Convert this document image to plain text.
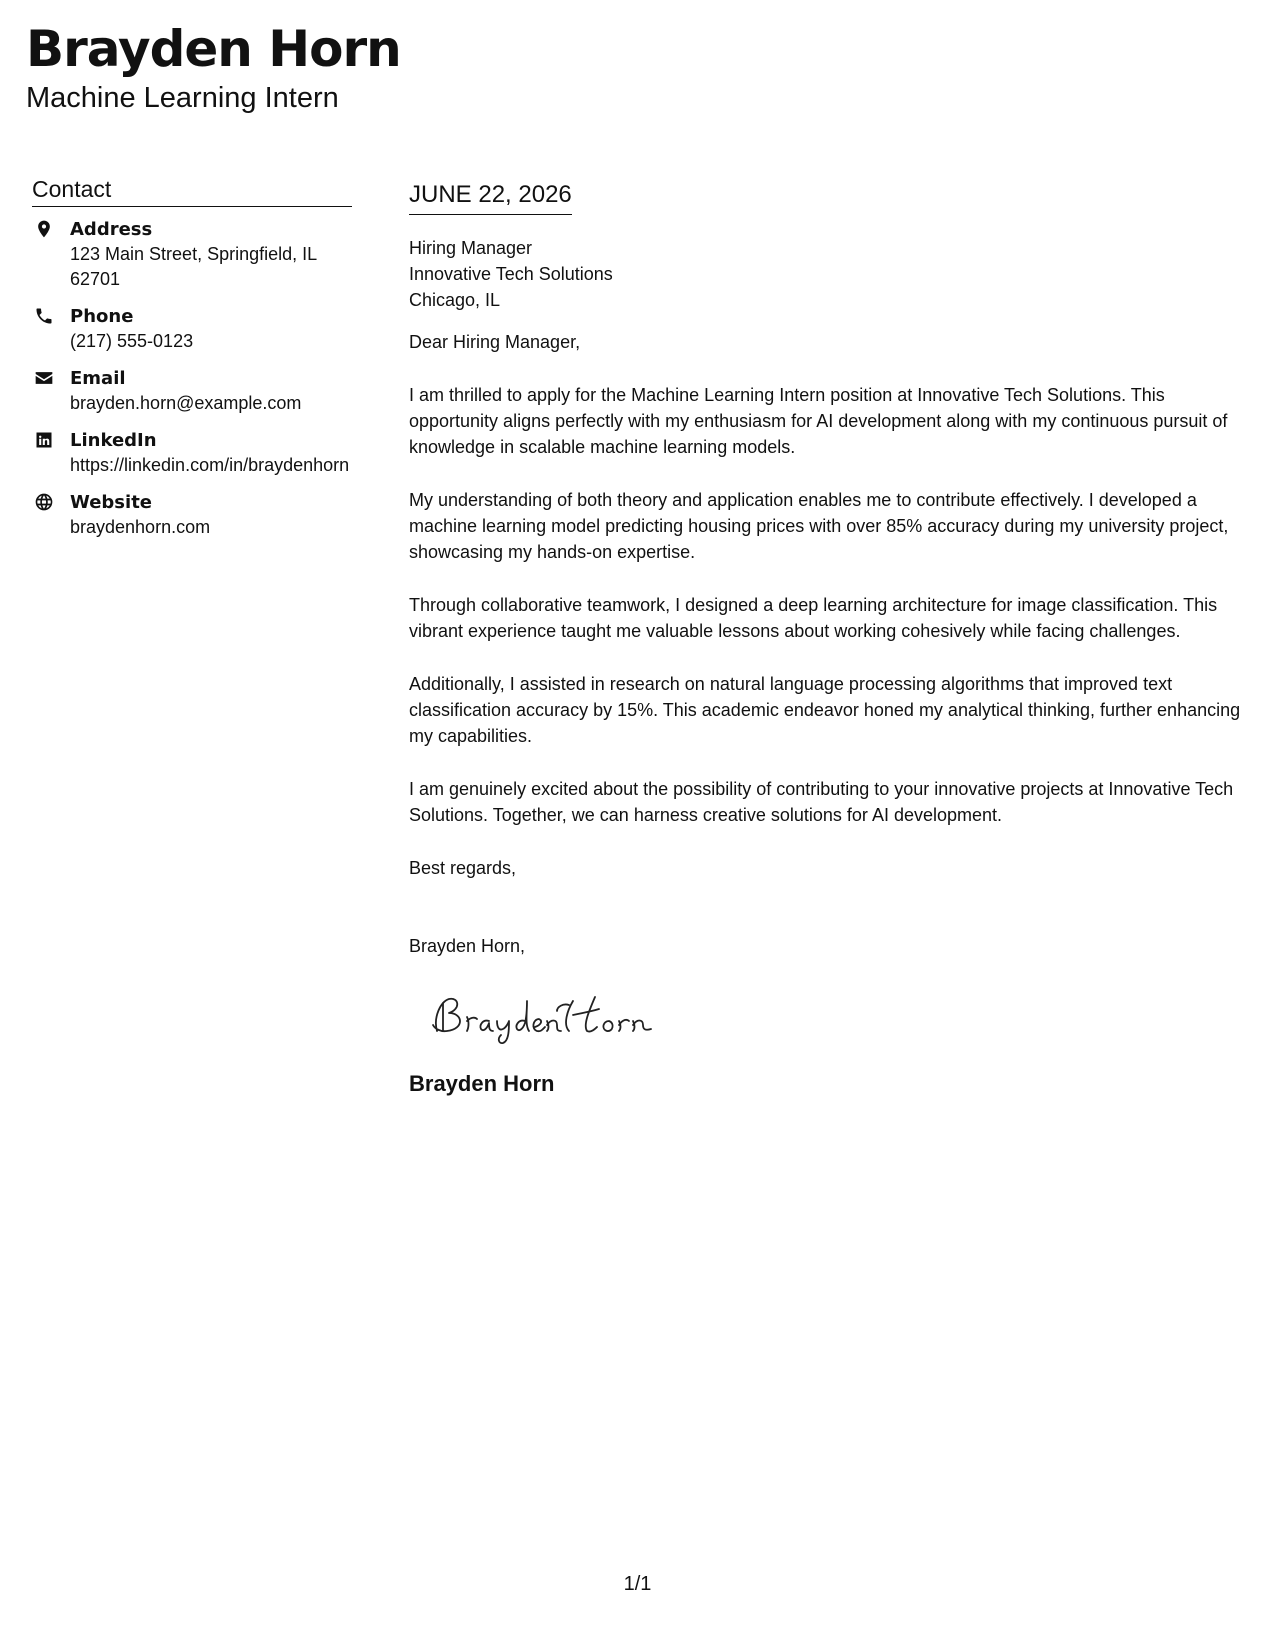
Brayden Horn
Machine Learning Intern
Contact
Address
123 Main Street, Springfield, IL 62701
Phone
(217) 555-0123
Email
brayden.horn@example.com
LinkedIn
https://linkedin.com/in/braydenhorn
Website
braydenhorn.com
JUNE 22, 2026
Hiring Manager
Innovative Tech Solutions
Chicago, IL

Dear Hiring Manager,

I am thrilled to apply for the Machine Learning Intern position at Innovative Tech Solutions. This opportunity aligns perfectly with my enthusiasm for AI development along with my continuous pursuit of knowledge in scalable machine learning models.

My understanding of both theory and application enables me to contribute effectively. I developed a machine learning model predicting housing prices with over 85% accuracy during my university project, showcasing my hands-on expertise.

Through collaborative teamwork, I designed a deep learning architecture for image classification. This vibrant experience taught me valuable lessons about working cohesively while facing challenges.

Additionally, I assisted in research on natural language processing algorithms that improved text classification accuracy by 15%. This academic endeavor honed my analytical thinking, further enhancing my capabilities.

I am genuinely excited about the possibility of contributing to your innovative projects at Innovative Tech Solutions. Together, we can harness creative solutions for AI development.

Best regards,

Brayden Horn,
Brayden Horn
1/1
